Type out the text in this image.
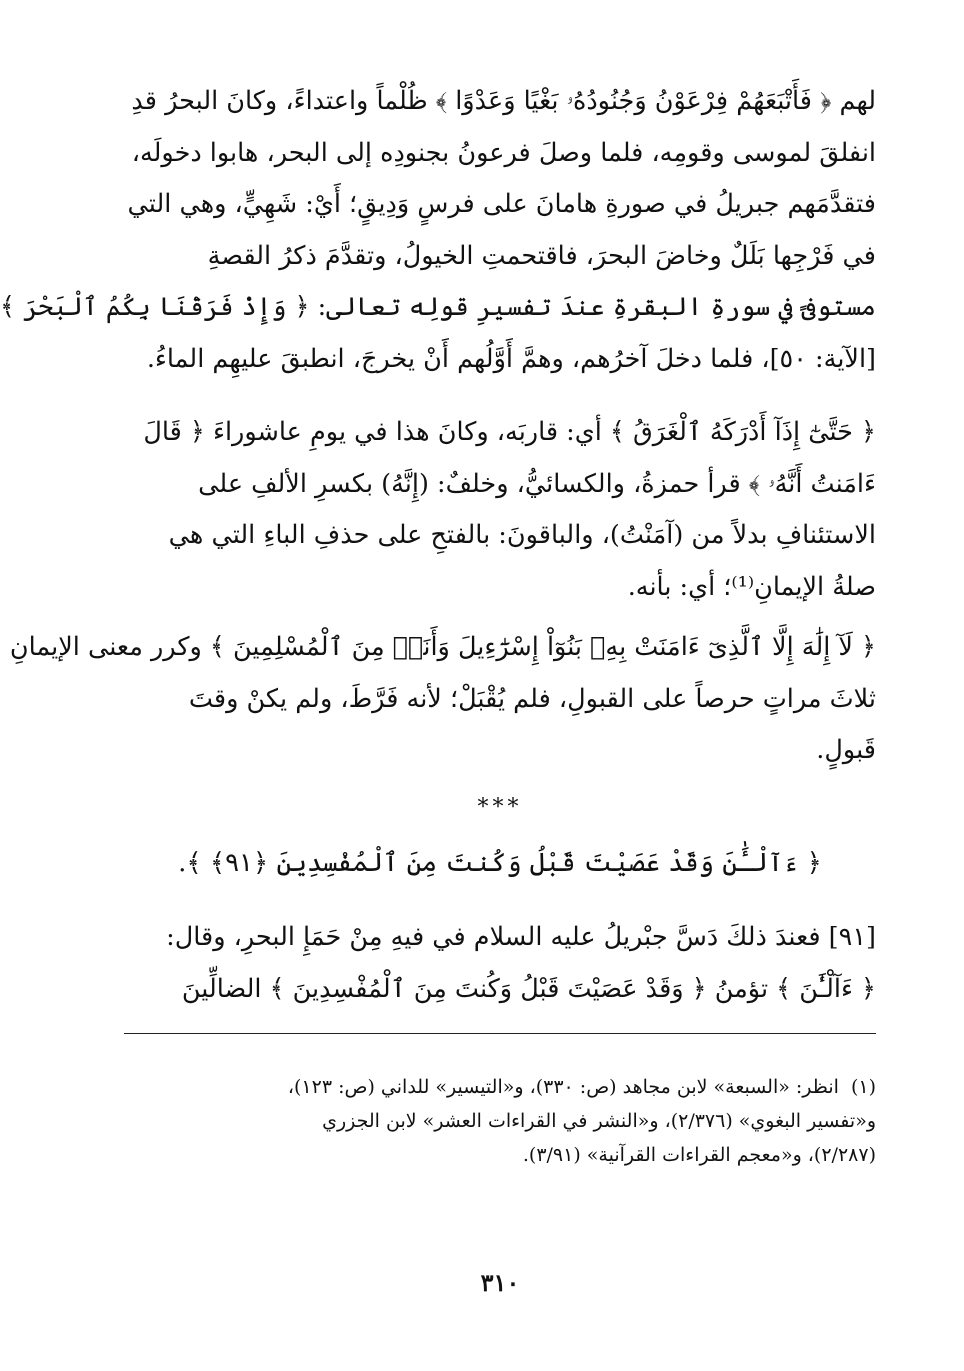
لهم ﴿ فَأَتْبَعَهُمْ فِرْعَوْنُ وَجُنُودُهُۥ بَغْيًا وَعَدْوًا ﴾ ظُلْماً واعتداءً، وكانَ البحرُ قدِ
انفلقَ لموسى وقومِه، فلما وصلَ فرعونُ بجنودِه إلى البحر، هابوا دخولَه،
فتقدَّمَهم جبريلُ في صورةِ هامانَ على فرسٍ وَدِيقٍ؛ أَيْ: شَهِيٍّ، وهي التي
في فَرْجِها بَلَلٌ وخاضَ البحرَ، فاقتحمتِ الخيولُ، وتقدَّمَ ذكرُ القصةِ
مستوفىً في سورةِ البقرةِ عندَ تفسيرِ قولِه تعالى: ﴿ وَإِذْ فَرَقْنَا بِكُمُ ٱلْبَحْرَ ﴾
[الآية: ٥٠]، فلما دخلَ آخرُهم، وهمَّ أَوَّلُهم أَنْ يخرجَ، انطبقَ عليهِم الماءُ.
﴿ حَتَّىٰٓ إِذَآ أَدْرَكَهُ ٱلْغَرَقُ ﴾ أي: قاربَه، وكانَ هذا في يومِ عاشوراءَ ﴿ قَالَ
ءَامَنتُ أَنَّهُۥ ﴾ قرأ حمزةُ، والكسائيُّ، وخلفٌ: (إِنَّهُ) بكسرِ الألفِ على
الاستئنافِ بدلاً من (آمَنْتُ)، والباقونَ: بالفتحِ على حذفِ الباءِ التي هي
صلةُ الإيمانِ⁽¹⁾؛ أي: بأنه.
﴿ لَآ إِلَٰهَ إِلَّا ٱلَّذِىٓ ءَامَنَتْ بِهِۦ بَنُوٓاْ إِسْرَٰٓءِيلَ وَأَنَا۠ مِنَ ٱلْمُسْلِمِينَ ﴾ وكرر معنى الإيمانِ
ثلاثَ مراتٍ حرصاً على القبولِ، فلم يُقْبَلْ؛ لأنه فَرَّطَ، ولم يكنْ وقتَ
قَبولٍ.
***
﴿ ءَآلْـَٰٔنَ وَقَدْ عَصَيْتَ قَبْلُ وَكُنتَ مِنَ ٱلْمُفْسِدِينَ ﴿٩١﴾ ﴾.
[٩١] فعندَ ذلكَ دَسَّ جبْريلُ عليه السلام في فيهِ مِنْ حَمَإِ البحرِ، وقال:
﴿ ءَآلْـَٰٔنَ ﴾ تؤمنُ ﴿ وَقَدْ عَصَيْتَ قَبْلُ وَكُنتَ مِنَ ٱلْمُفْسِدِينَ ﴾ الضالِّينَ
(١)انظر: «السبعة» لابن مجاهد (ص: ٣٣٠)، و«التيسير» للداني (ص: ١٢٣)،
و«تفسير البغوي» (٢/٣٧٦)، و«النشر في القراءات العشر» لابن الجزري
(٢/٢٨٧)، و«معجم القراءات القرآنية» (٣/٩١).
٣١٠
